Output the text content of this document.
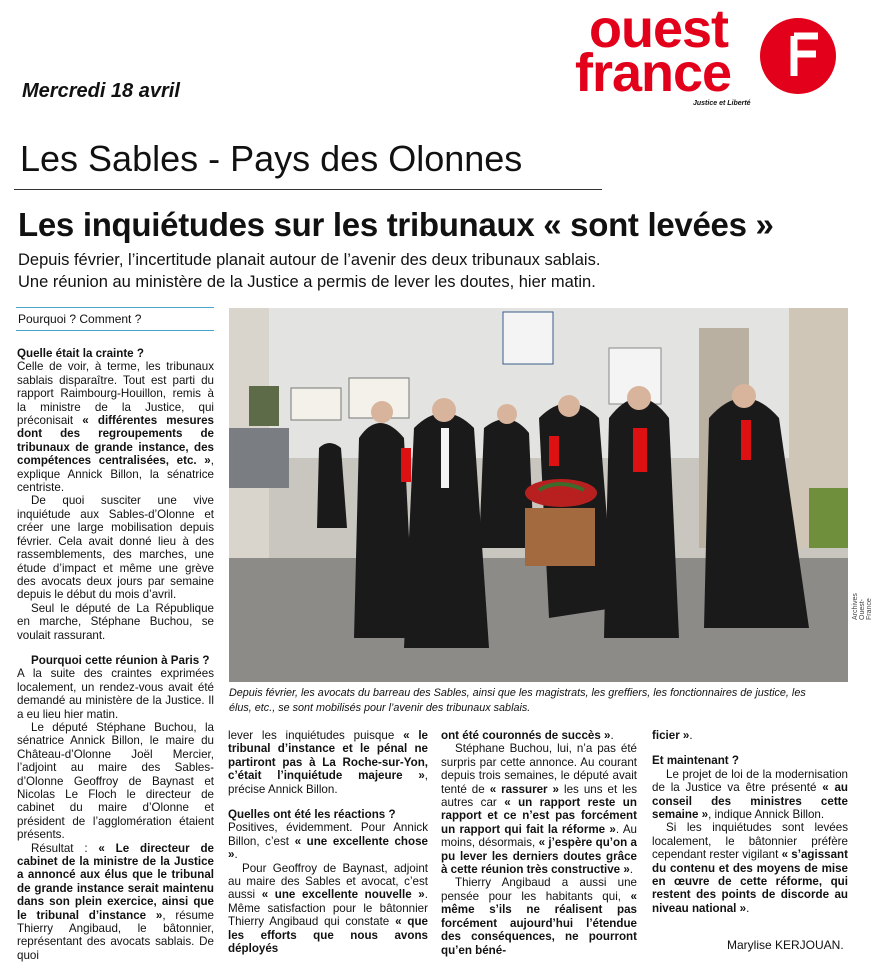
Mercredi 18 avril
ouest
france
Justice et Liberté
Les Sables - Pays des Olonnes
Les inquiétudes sur les tribunaux « sont levées »
Depuis février, l’incertitude planait autour de l’avenir des deux tribunaux sablais.
Une réunion au ministère de la Justice a permis de lever les doutes, hier matin.
Pourquoi ? Comment ?
Quelle était la crainte ?

Celle de voir, à terme, les tribunaux sablais disparaître. Tout est parti du rapport Raimbourg-Houillon, remis à la ministre de la Justice, qui préconisait « différentes mesures dont des regroupements de tribunaux de grande instance, des compétences centralisées, etc. », explique Annick Billon, la sénatrice centriste.

De quoi susciter une vive inquiétude aux Sables-d’Olonne et créer une large mobilisation depuis février. Cela avait donné lieu à des rassemblements, des marches, une étude d’impact et même une grève des avocats deux jours par semaine depuis le début du mois d’avril.

Seul le député de La République en marche, Stéphane Buchou, se voulait rassurant.

Pourquoi cette réunion à Paris ?

A la suite des craintes exprimées localement, un rendez-vous avait été demandé au ministère de la Justice. Il a eu lieu hier matin.

Le député Stéphane Buchou, la sénatrice Annick Billon, le maire du Château-d’Olonne Joël Mercier, l’adjoint au maire des Sables-d’Olonne Geoffroy de Baynast et Nicolas Le Floch le directeur de cabinet du maire d’Olonne et président de l’agglomération étaient présents.

Résultat : « Le directeur de cabinet de la ministre de la Justice a annoncé aux élus que le tribunal de grande instance serait maintenu dans son plein exercice, ainsi que le tribunal d’instance », résume Thierry Angibaud, le bâtonnier, représentant des avocats sablais. De quoi

Archives Ouest-France
Depuis février, les avocats du barreau des Sables, ainsi que les magistrats, les greffiers, les fonctionnaires de justice, les élus, etc., se sont mobilisés pour l’avenir des tribunaux sablais.

lever les inquiétudes puisque « le tribunal d’instance et le pénal ne partiront pas à La Roche-sur-Yon, c’était l’inquiétude majeure », précise Annick Billon.

Quelles ont été les réactions ?

Positives, évidemment. Pour Annick Billon, c’est « une excellente chose ».

Pour Geoffroy de Baynast, adjoint au maire des Sables et avocat, c’est aussi « une excellente nouvelle ». Même satisfaction pour le bâtonnier Thierry Angibaud qui constate « que les efforts que nous avons déployés

ont été couronnés de succès ».

Stéphane Buchou, lui, n’a pas été surpris par cette annonce. Au courant depuis trois semaines, le député avait tenté de « rassurer » les uns et les autres car « un rapport reste un rapport et ce n’est pas forcément un rapport qui fait la réforme ». Au moins, désormais, « j’espère qu’on a pu lever les derniers doutes grâce à cette réunion très constructive ».

Thierry Angibaud a aussi une pensée pour les habitants qui, « même s’ils ne réalisent pas forcément aujourd’hui l’étendue des conséquences, ne pourront qu’en béné-

ficier ».

Et maintenant ?

Le projet de loi de la modernisation de la Justice va être présenté « au conseil des ministres cette semaine », indique Annick Billon.

Si les inquiétudes sont levées localement, le bâtonnier préfère cependant rester vigilant « s’agissant du contenu et des moyens de mise en œuvre de cette réforme, qui restent des points de discorde au niveau national ».

Marylise KERJOUAN.
